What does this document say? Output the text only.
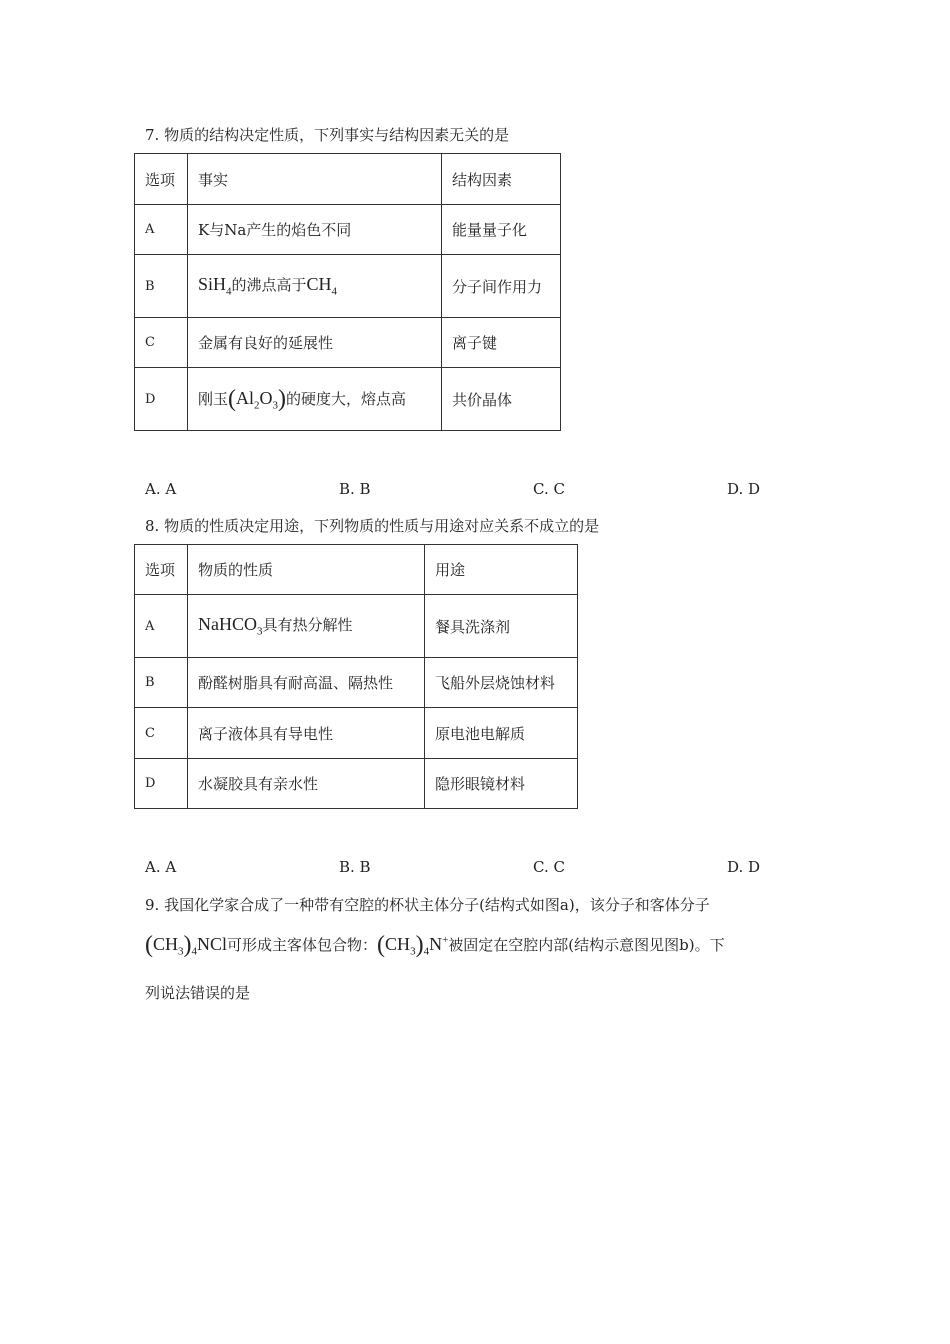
7. 物质的结构决定性质，下列事实与结构因素无关的是
选项	事实	结构因素
A	K与Na产生的焰色不同	能量量子化
B	SiH$_4$的沸点高于$CH_4$	分子间作用力
C	金属有良好的延展性	离子键
D	刚玉$(Al_2O_3)$的硬度大，熔点高	共价晶体
A. A	B. B	C. C	D. D
8. 物质的性质决定用途，下列物质的性质与用途对应关系不成立的是
选项	物质的性质	用途
A	NaHCO$_3$具有热分解性	餐具洗涤剂
B	酚醛树脂具有耐高温、隔热性	飞船外层烧蚀材料
C	离子液体具有导电性	原电池电解质
D	水凝胶具有亲水性	隐形眼镜材料
A. A	B. B	C. C	D. D
9. 我国化学家合成了一种带有空腔的杯状主体分子(结构式如图a)，该分子和客体分子
$(CH_3)_4NCl$可形成主客体包合物：$(CH_3)_4N^+$被固定在空腔内部(结构示意图见图b)。下
列说法错误的是
